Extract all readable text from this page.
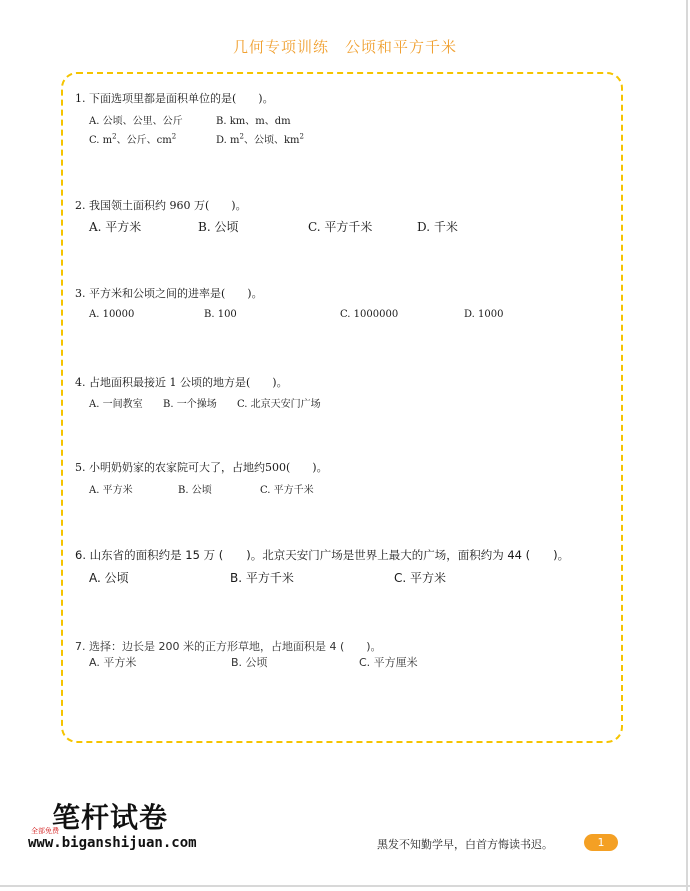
几何专项训练　公顷和平方千米
1. 下面选项里都是面积单位的是(　　)。
A. 公顷、公里、公斤	B. km、m、dm
C. $m^2$、公斤、$cm^2$	D. $m^2$、公顷、$km^2$
2. 我国领土面积约 960 万(　　)。
A. 平方米	B. 公顷	C. 平方千米	D. 千米
3. 平方米和公顷之间的进率是(　　)。
A. 10000	B. 100	C. 1000000	D. 1000
4. 占地面积最接近 1 公顷的地方是(　　)。
A. 一间教室 B. 一个操场 C. 北京天安门广场
5. 小明奶奶家的农家院可大了，占地约500(　　)。
A. 平方米	B. 公顷	C. 平方千米
6. 山东省的面积约是 15 万 (　　)。北京天安门广场是世界上最大的广场，面积约为 44 (　　)。
A. 公顷	B. 平方千米	C. 平方米
7. 选择：边长是 200 米的正方形草地，占地面积是 4 (　　)。
A. 平方米	B. 公顷	C. 平方厘米
笔杆试卷
全部免费
www.biganshijuan.com	黑发不知勤学早，白首方悔读书迟。	1
